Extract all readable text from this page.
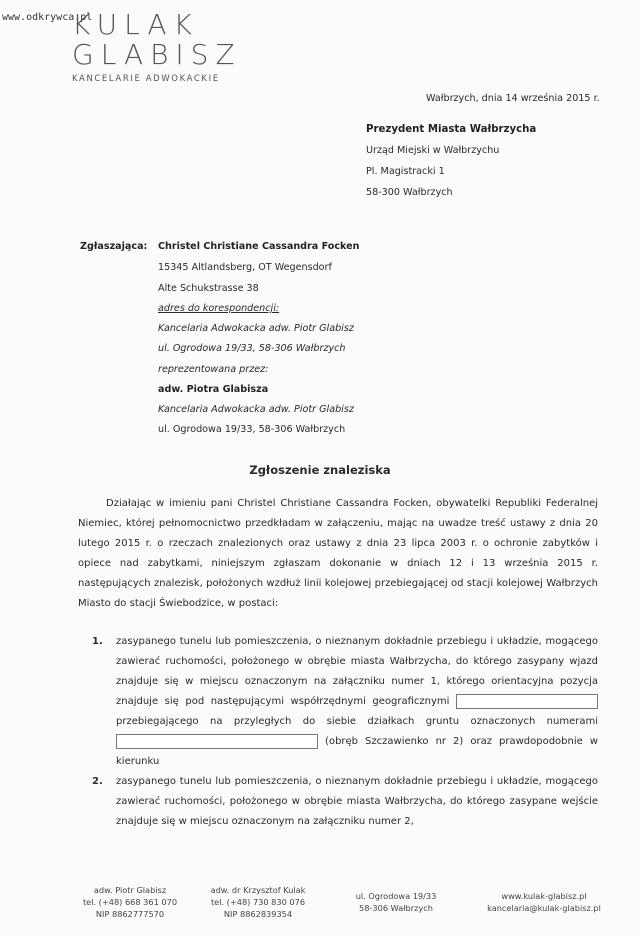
www.odkrywca.pl
KULAK
GLABISZ
KANCELARIE ADWOKACKIE
Wałbrzych, dnia 14 września 2015 r.
Prezydent Miasta Wałbrzycha
Urząd Miejski w Wałbrzychu
Pl. Magistracki 1
58-300 Wałbrzych
Zgłaszająca: Christel Christiane Cassandra Focken
15345 Altlandsberg, OT Wegensdorf
Alte Schukstrasse 38
adres do korespondencji:
Kancelaria Adwokacka adw. Piotr Glabisz
ul. Ogrodowa 19/33, 58-306 Wałbrzych
reprezentowana przez:
adw. Piotra Glabisza
Kancelaria Adwokacka adw. Piotr Glabisz
ul. Ogrodowa 19/33, 58-306 Wałbrzych
Zgłoszenie znaleziska
Działając w imieniu pani Christel Christiane Cassandra Focken, obywatelki Republiki Federalnej Niemiec, której pełnomocnictwo przedkładam w załączeniu, mając na uwadze treść ustawy z dnia 20 lutego 2015 r. o rzeczach znalezionych oraz ustawy z dnia 23 lipca 2003 r. o ochronie zabytków i opiece nad zabytkami, niniejszym zgłaszam dokonanie w dniach 12 i 13 września 2015 r. następujących znalezisk, położonych wzdłuż linii kolejowej przebiegającej od stacji kolejowej Wałbrzych Miasto do stacji Świebodzice, w postaci:
1. zasypanego tunelu lub pomieszczenia, o nieznanym dokładnie przebiegu i układzie, mogącego zawierać ruchomości, położonego w obrębie miasta Wałbrzycha, do którego zasypany wjazd znajduje się w miejscu oznaczonym na załączniku numer 1, którego orientacyjna pozycja znajduje się pod następującymi współrzędnymi geograficznymi  przebiegającego na przyległych do siebie działkach gruntu oznaczonych numerami  (obręb Szczawienko nr 2) oraz prawdopodobnie w kierunku
2. zasypanego tunelu lub pomieszczenia, o nieznanym dokładnie przebiegu i układzie, mogącego zawierać ruchomości, położonego w obrębie miasta Wałbrzycha, do którego zasypane wejście znajduje się w miejscu oznaczonym na załączniku numer 2,
adw. Piotr Glabisz
tel. (+48) 668 361 070
NIP 8862777570
adw. dr Krzysztof Kulak
tel. (+48) 730 830 076
NIP 8862839354
ul. Ogrodowa 19/33
58-306 Wałbrzych
www.kulak-glabisz.pl
kancelaria@kulak-glabisz.pl
